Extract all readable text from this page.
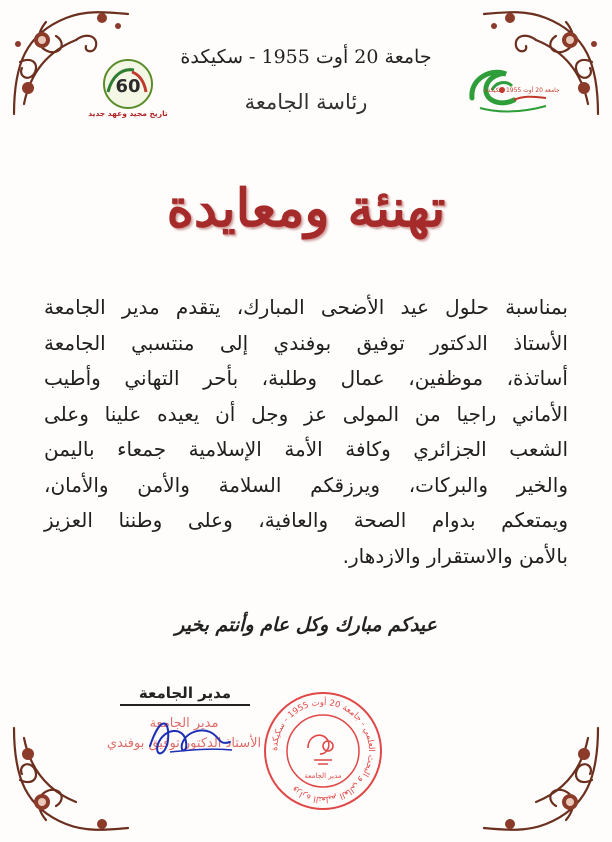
جامعة 20 أوت 1955 - سكيكدة
رئاسة الجامعة
60
تاريخ مجيد وعهد جديد
جامعة 20 أوت 1955 سكيكدة
تهنئة ومعايدة
بمناسبة حلول عيد الأضحى المبارك، يتقدم مدير الجامعة
الأستاذ الدكتور توفيق بوفندي إلى منتسبي الجامعة
أساتذة، موظفين، عمال وطلبة، بأحر التهاني وأطيب
الأماني راجيا من المولى عز وجل أن يعيده علينا وعلى
الشعب الجزائري وكافة الأمة الإسلامية جمعاء باليمن
والخير والبركات، ويرزقكم السلامة والأمن والأمان،
ويمتعكم بدوام الصحة والعافية، وعلى وطننا العزيز
بالأمن والاستقرار والازدهار.
عيدكم مبارك وكل عام وأنتم بخير
مدير الجامعة
مدير الجامعة
الأستاذ الدكتور توفيق بوفندي	وزارة التعليم العالي و البحث العلمي - جامعة 20 أوت 1955 - سكيكدة
مدير الجامعة
